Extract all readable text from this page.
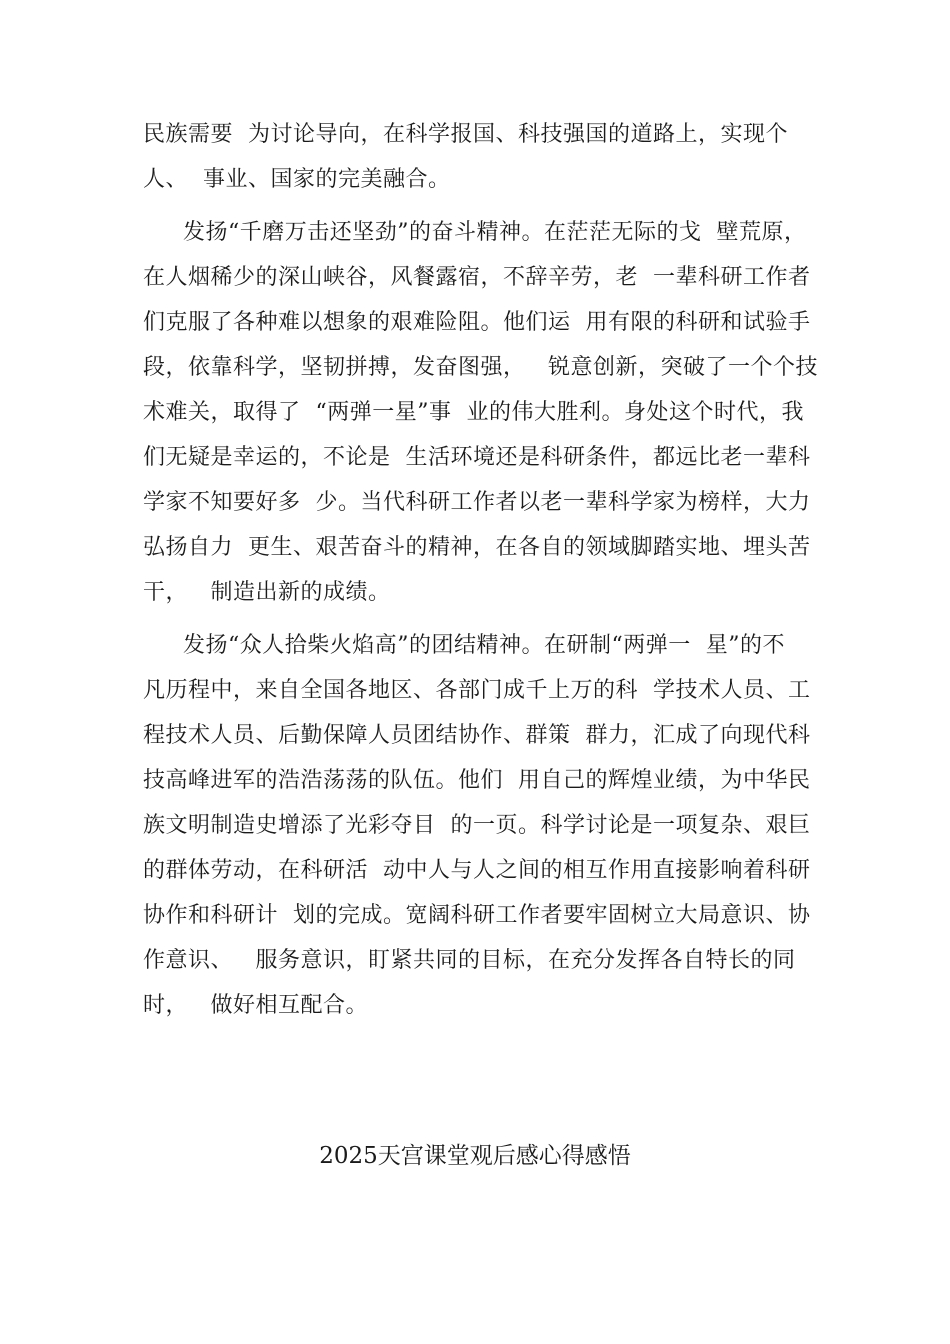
民族需要  为讨论导向，在科学报国、科技强国的道路上，实现个
人、  事业、国家的完美融合。
发扬“千磨万击还坚劲”的奋斗精神。在茫茫无际的戈  壁荒原，
在人烟稀少的深山峡谷，风餐露宿，不辞辛劳，老  一辈科研工作者
们克服了各种难以想象的艰难险阻。他们运  用有限的科研和试验手
段，依靠科学，坚韧拼搏，发奋图强，   锐意创新，突破了一个个技
术难关，取得了  “两弹一星”事  业的伟大胜利。身处这个时代，我
们无疑是幸运的，不论是  生活环境还是科研条件，都远比老一辈科
学家不知要好多  少。当代科研工作者以老一辈科学家为榜样，大力
弘扬自力  更生、艰苦奋斗的精神，在各自的领域脚踏实地、埋头苦
干，   制造出新的成绩。
发扬“众人拾柴火焰高”的团结精神。在研制“两弹一  星”的不
凡历程中，来自全国各地区、各部门成千上万的科  学技术人员、工
程技术人员、后勤保障人员团结协作、群策  群力，汇成了向现代科
技高峰进军的浩浩荡荡的队伍。他们  用自己的辉煌业绩，为中华民
族文明制造史增添了光彩夺目  的一页。科学讨论是一项复杂、艰巨
的群体劳动，在科研活  动中人与人之间的相互作用直接影响着科研
协作和科研计  划的完成。宽阔科研工作者要牢固树立大局意识、协
作意识、   服务意识，盯紧共同的目标，在充分发挥各自特长的同
时，   做好相互配合。
2025天宫课堂观后感心得感悟
